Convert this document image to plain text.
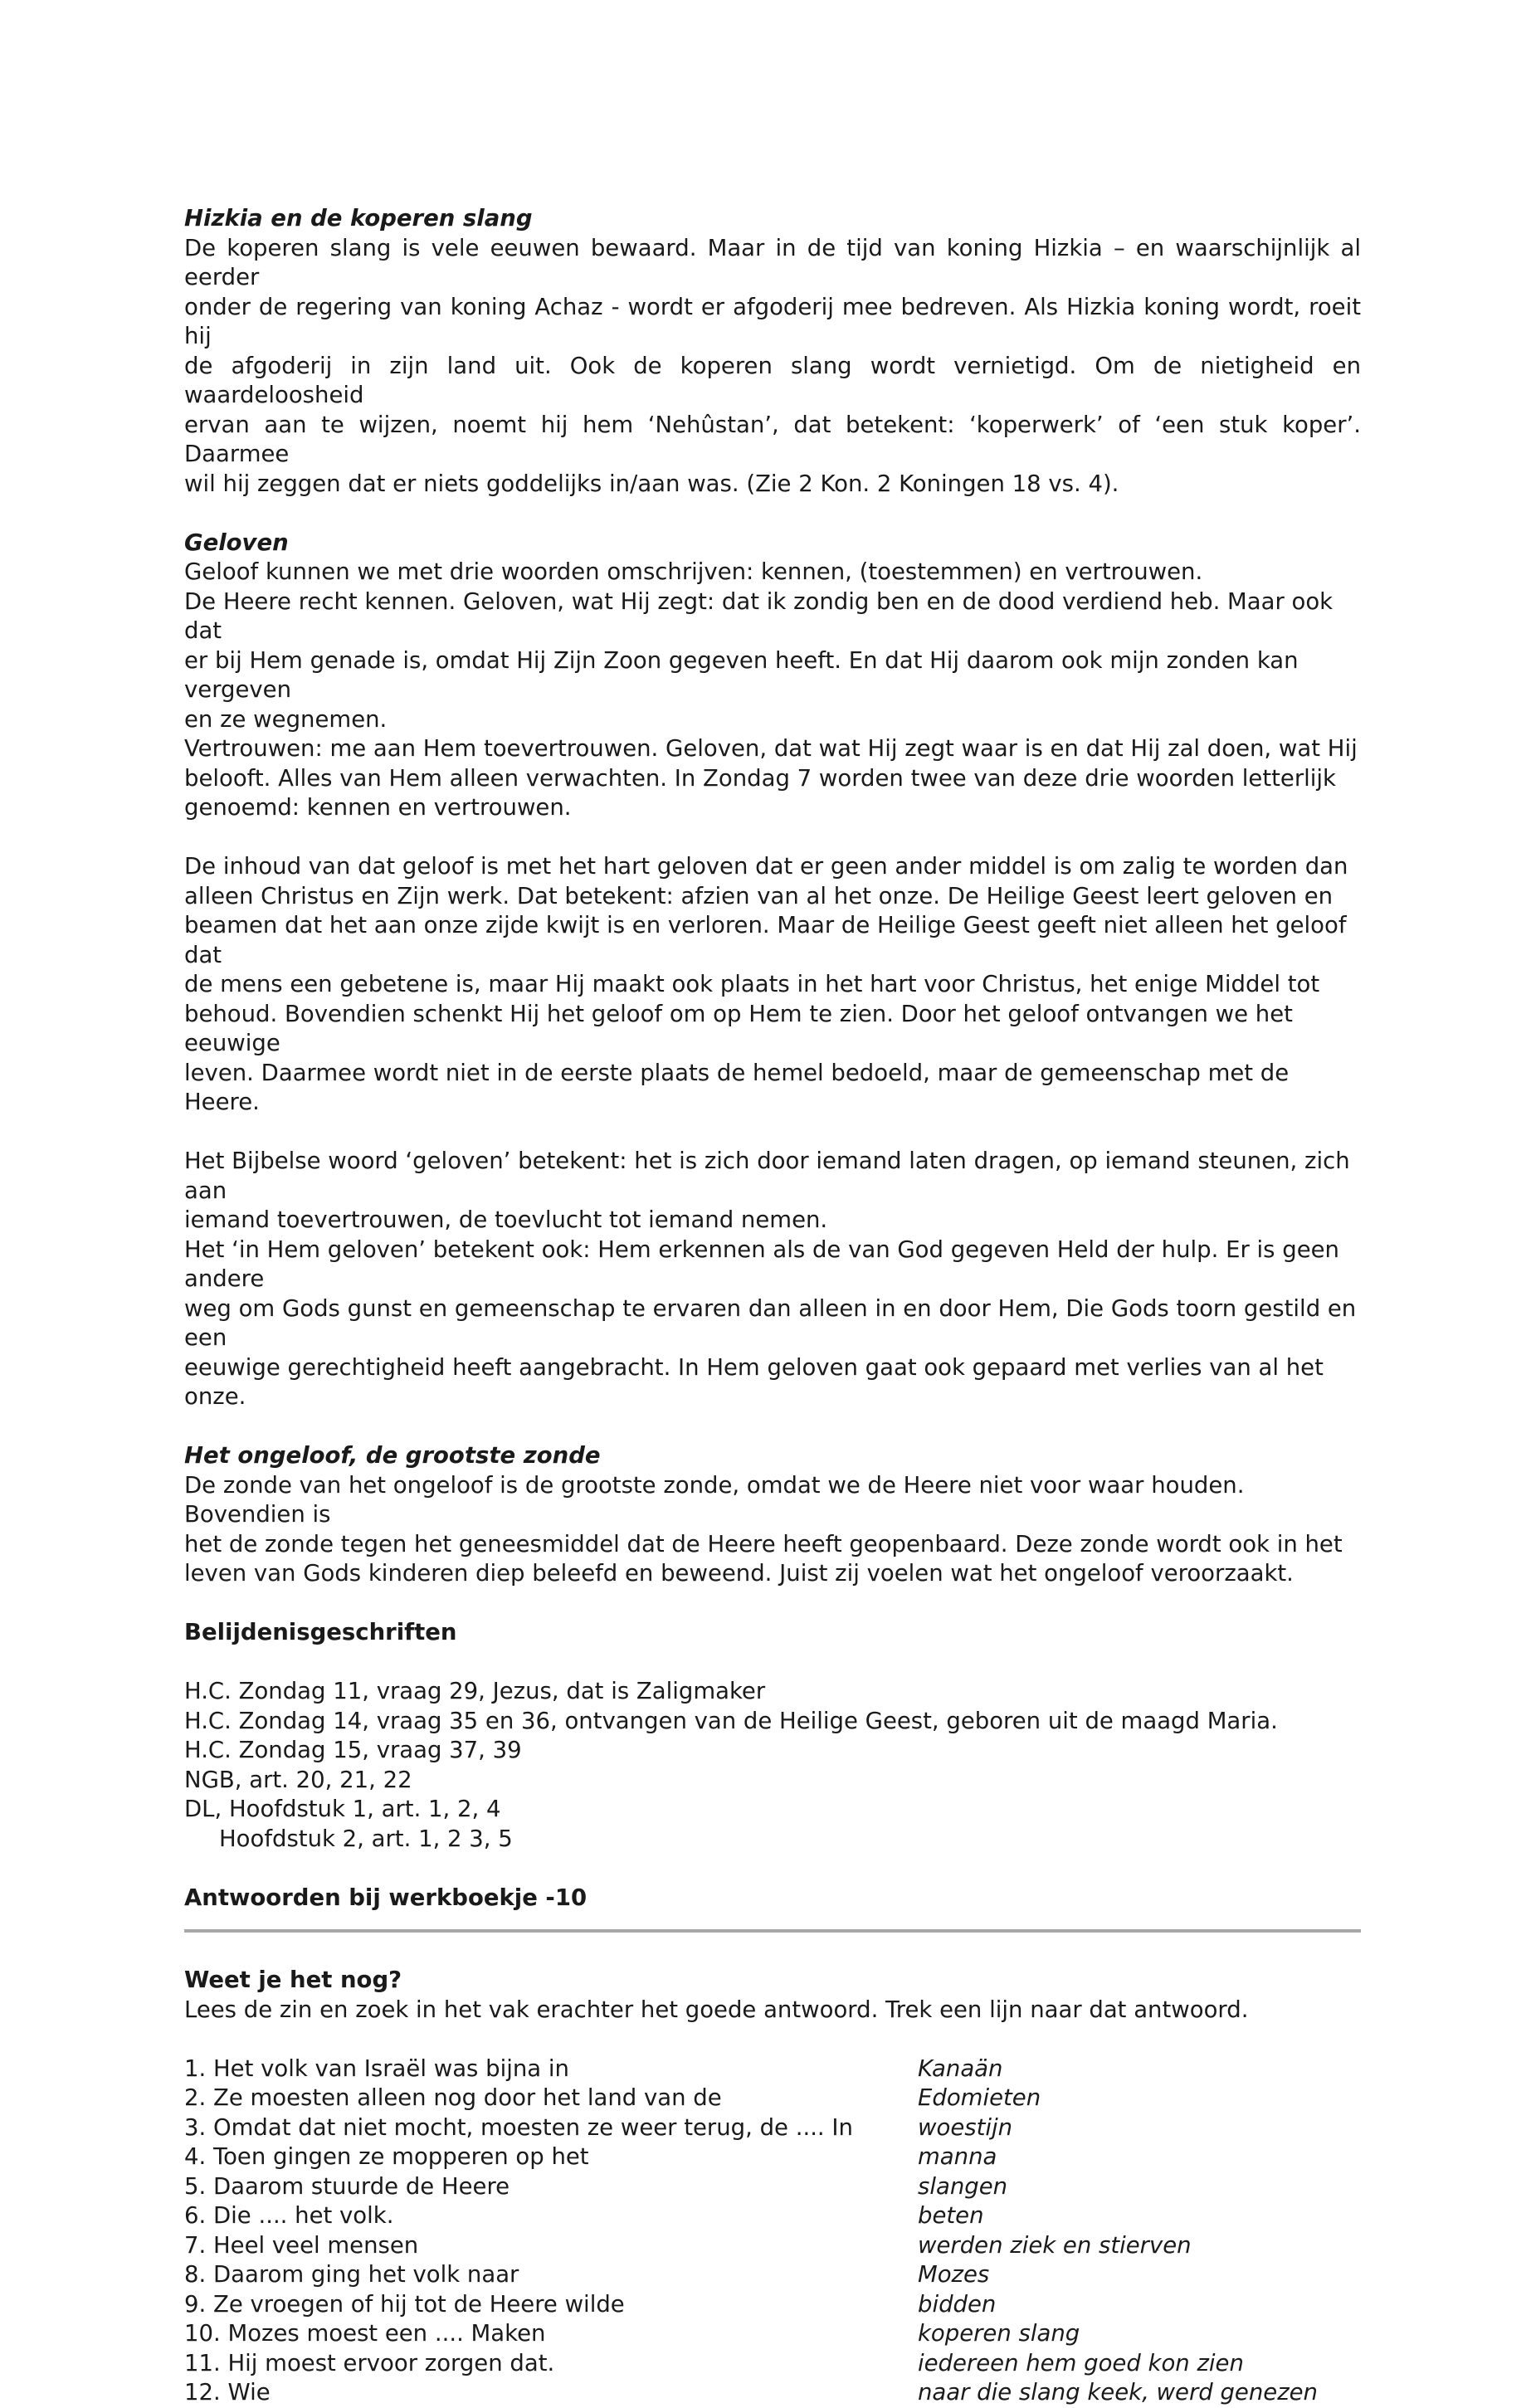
Hizkia en de koperen slang

De koperen slang is vele eeuwen bewaard. Maar in de tijd van koning Hizkia – en waarschijnlijk al eerder
onder de regering van koning Achaz - wordt er afgoderij mee bedreven. Als Hizkia koning wordt, roeit hij
de afgoderij in zijn land uit. Ook de koperen slang wordt vernietigd. Om de nietigheid en waardeloosheid
ervan aan te wijzen, noemt hij hem ‘Nehûstan’, dat betekent: ‘koperwerk’ of ‘een stuk koper’. Daarmee
wil hij zeggen dat er niets goddelijks in/aan was. (Zie 2 Kon. 2 Koningen 18 vs. 4).

Geloven

Geloof kunnen we met drie woorden omschrijven: kennen, (toestemmen) en vertrouwen.
De Heere recht kennen. Geloven, wat Hij zegt: dat ik zondig ben en de dood verdiend heb. Maar ook dat
er bij Hem genade is, omdat Hij Zijn Zoon gegeven heeft. En dat Hij daarom ook mijn zonden kan vergeven
en ze wegnemen.
Vertrouwen: me aan Hem toevertrouwen. Geloven, dat wat Hij zegt waar is en dat Hij zal doen, wat Hij
belooft. Alles van Hem alleen verwachten. In Zondag 7 worden twee van deze drie woorden letterlijk
genoemd: kennen en vertrouwen.

De inhoud van dat geloof is met het hart geloven dat er geen ander middel is om zalig te worden dan
alleen Christus en Zijn werk. Dat betekent: afzien van al het onze. De Heilige Geest leert geloven en
beamen dat het aan onze zijde kwijt is en verloren. Maar de Heilige Geest geeft niet alleen het geloof dat
de mens een gebetene is, maar Hij maakt ook plaats in het hart voor Christus, het enige Middel tot
behoud. Bovendien schenkt Hij het geloof om op Hem te zien. Door het geloof ontvangen we het eeuwige
leven. Daarmee wordt niet in de eerste plaats de hemel bedoeld, maar de gemeenschap met de Heere.

Het Bijbelse woord ‘geloven’ betekent: het is zich door iemand laten dragen, op iemand steunen, zich aan
iemand toevertrouwen, de toevlucht tot iemand nemen.
Het ‘in Hem geloven’ betekent ook: Hem erkennen als de van God gegeven Held der hulp. Er is geen andere
weg om Gods gunst en gemeenschap te ervaren dan alleen in en door Hem, Die Gods toorn gestild en een
eeuwige gerechtigheid heeft aangebracht. In Hem geloven gaat ook gepaard met verlies van al het onze.

Het ongeloof, de grootste zonde

De zonde van het ongeloof is de grootste zonde, omdat we de Heere niet voor waar houden. Bovendien is
het de zonde tegen het geneesmiddel dat de Heere heeft geopenbaard. Deze zonde wordt ook in het
leven van Gods kinderen diep beleefd en beweend. Juist zij voelen wat het ongeloof veroorzaakt.

Belijdenisgeschriften

H.C. Zondag 11, vraag 29, Jezus, dat is Zaligmaker
H.C. Zondag 14, vraag 35 en 36, ontvangen van de Heilige Geest, geboren uit de maagd Maria.
H.C. Zondag 15, vraag 37, 39
NGB, art. 20, 21, 22
DL, Hoofdstuk 1, art. 1, 2, 4

Hoofdstuk 2, art. 1, 2 3, 5

Antwoorden bij werkboekje -10

Weet je het nog?

Lees de zin en zoek in het vak erachter het goede antwoord. Trek een lijn naar dat antwoord.

1. Het volk van Israël was bijna in	Kanaän
2. Ze moesten alleen nog door het land van de	Edomieten
3. Omdat dat niet mocht, moesten ze weer terug, de .... In	woestijn
4. Toen gingen ze mopperen op het	manna
5. Daarom stuurde de Heere	slangen
6. Die .... het volk.	beten
7. Heel veel mensen	werden ziek en stierven
8. Daarom ging het volk naar	Mozes
9. Ze vroegen of hij tot de Heere wilde	bidden
10. Mozes moest een .... Maken	koperen slang
11. Hij moest ervoor zorgen dat.	iedereen hem goed kon zien
12. Wie	naar die slang keek, werd genezen
